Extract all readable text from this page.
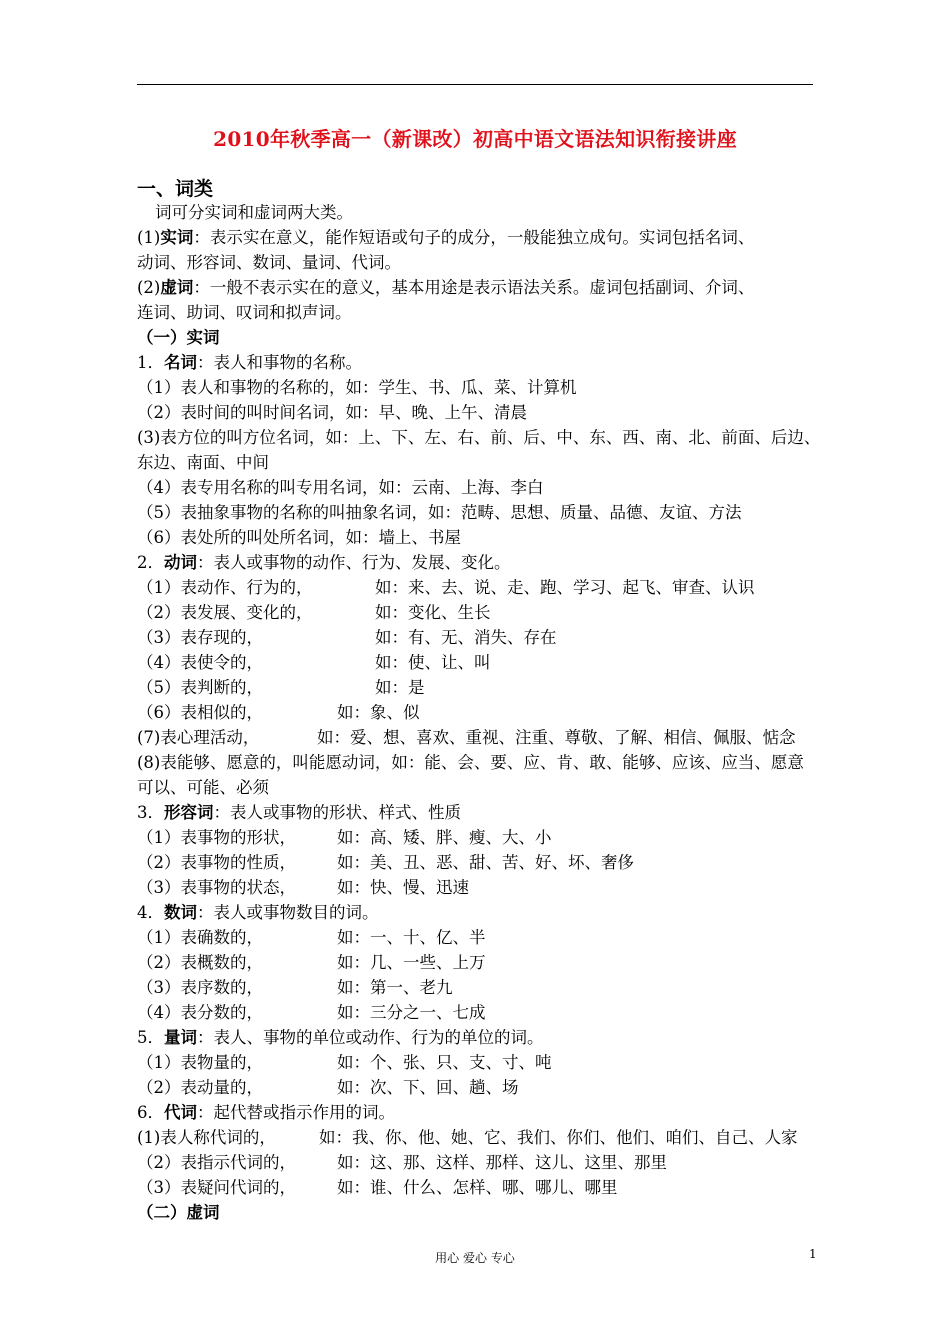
2010年秋季高一（新课改）初高中语文语法知识衔接讲座
一、词类
词可分实词和虚词两大类。
(1)实词：表示实在意义，能作短语或句子的成分，一般能独立成句。实词包括名词、
动词、形容词、数词、量词、代词。
(2)虚词：一般不表示实在的意义，基本用途是表示语法关系。虚词包括副词、介词、
连词、助词、叹词和拟声词。
（一）实词
1．名词：表人和事物的名称。
（1）表人和事物的名称的，如：学生、书、瓜、菜、计算机
（2）表时间的叫时间名词，如：早、晚、上午、清晨
(3)表方位的叫方位名词，如：上、下、左、右、前、后、中、东、西、南、北、前面、后边、
东边、南面、中间
（4）表专用名称的叫专用名词，如：云南、上海、李白
（5）表抽象事物的名称的叫抽象名词，如：范畴、思想、质量、品德、友谊、方法
（6）表处所的叫处所名词，如：墙上、书屋
2．动词：表人或事物的动作、行为、发展、变化。
（1）表动作、行为的，	如：来、去、说、走、跑、学习、起飞、审查、认识
（2）表发展、变化的，	如：变化、生长
（3）表存现的，	如：有、无、消失、存在
（4）表使令的，	如：使、让、叫
（5）表判断的，	如：是
（6）表相似的，	如：象、似
(7)表心理活动，	如：爱、想、喜欢、重视、注重、尊敬、了解、相信、佩服、惦念
(8)表能够、愿意的，叫能愿动词，如：能、会、要、应、肯、敢、能够、应该、应当、愿意
可以、可能、必须
3．形容词：表人或事物的形状、样式、性质
（1）表事物的形状， 如：高、矮、胖、瘦、大、小
（2）表事物的性质， 如：美、丑、恶、甜、苦、好、坏、奢侈
（3）表事物的状态， 如：快、慢、迅速
4．数词：表人或事物数目的词。
（1）表确数的，	如：一、十、亿、半
（2）表概数的，	如：几、一些、上万
（3）表序数的，	如：第一、老九
（4）表分数的，	如：三分之一、七成
5．量词：表人、事物的单位或动作、行为的单位的词。
（1）表物量的，	如：个、张、只、支、寸、吨
（2）表动量的，	如：次、下、回、趟、场
6．代词：起代替或指示作用的词。
(1)表人称代词的，	如：我、你、他、她、它、我们、你们、他们、咱们、自己、人家
（2）表指示代词的， 如：这、那、这样、那样、这儿、这里、那里
（3）表疑问代词的， 如：谁、什么、怎样、哪、哪儿、哪里
（二）虚词
用心 爱心 专心	1
